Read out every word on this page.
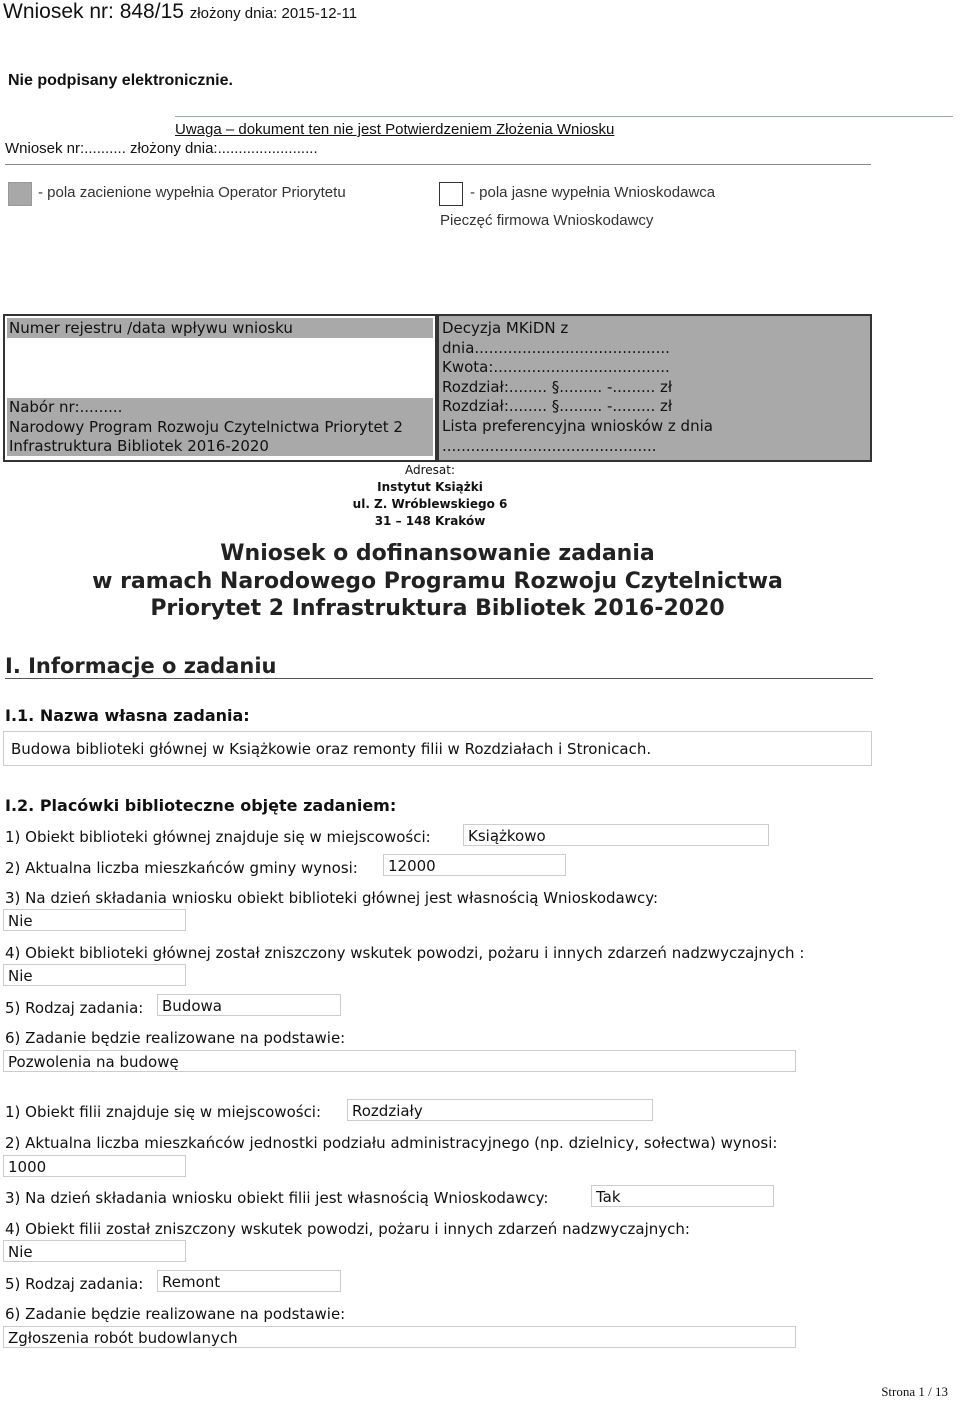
Wniosek nr: 848/15 złożony dnia: 2015-12-11
Nie podpisany elektronicznie.
Uwaga – dokument ten nie jest Potwierdzeniem Złożenia Wniosku
Wniosek nr:.......... złożony dnia:........................
- pola zacienione wypełnia Operator Priorytetu	- pola jasne wypełnia Wnioskodawca
Pieczęć firmowa Wnioskodawcy
Numer rejestru /data wpływu wniosku
Nabór nr:.........
Narodowy Program Rozwoju Czytelnictwa Priorytet 2
Infrastruktura Bibliotek 2016-2020
Decyzja MKiDN z
dnia.........................................
Kwota:.....................................
Rozdział:........ §......... -......... zł
Rozdział:........ §......... -......... zł
Lista preferencyjna wniosków z dnia
.............................................
Adresat:
Instytut Książki
ul. Z. Wróblewskiego 6
31 – 148 Kraków
Wniosek o dofinansowanie zadania
w ramach Narodowego Programu Rozwoju Czytelnictwa
Priorytet 2 Infrastruktura Bibliotek 2016-2020
I. Informacje o zadaniu
I.1. Nazwa własna zadania:
Budowa biblioteki głównej w Książkowie oraz remonty filii w Rozdziałach i Stronicach.
I.2. Placówki biblioteczne objęte zadaniem:
1) Obiekt biblioteki głównej znajduje się w miejscowości:	Książkowo
2) Aktualna liczba mieszkańców gminy wynosi:	12000
3) Na dzień składania wniosku obiekt biblioteki głównej jest własnością Wnioskodawcy:
Nie
4) Obiekt biblioteki głównej został zniszczony wskutek powodzi, pożaru i innych zdarzeń nadzwyczajnych :
Nie
5) Rodzaj zadania:	Budowa
6) Zadanie będzie realizowane na podstawie:
Pozwolenia na budowę
1) Obiekt filii znajduje się w miejscowości:	Rozdziały
2) Aktualna liczba mieszkańców jednostki podziału administracyjnego (np. dzielnicy, sołectwa) wynosi:
1000
3) Na dzień składania wniosku obiekt filii jest własnością Wnioskodawcy:	Tak
4) Obiekt filii został zniszczony wskutek powodzi, pożaru i innych zdarzeń nadzwyczajnych:
Nie
5) Rodzaj zadania:	Remont
6) Zadanie będzie realizowane na podstawie:
Zgłoszenia robót budowlanych
Strona 1 / 13
